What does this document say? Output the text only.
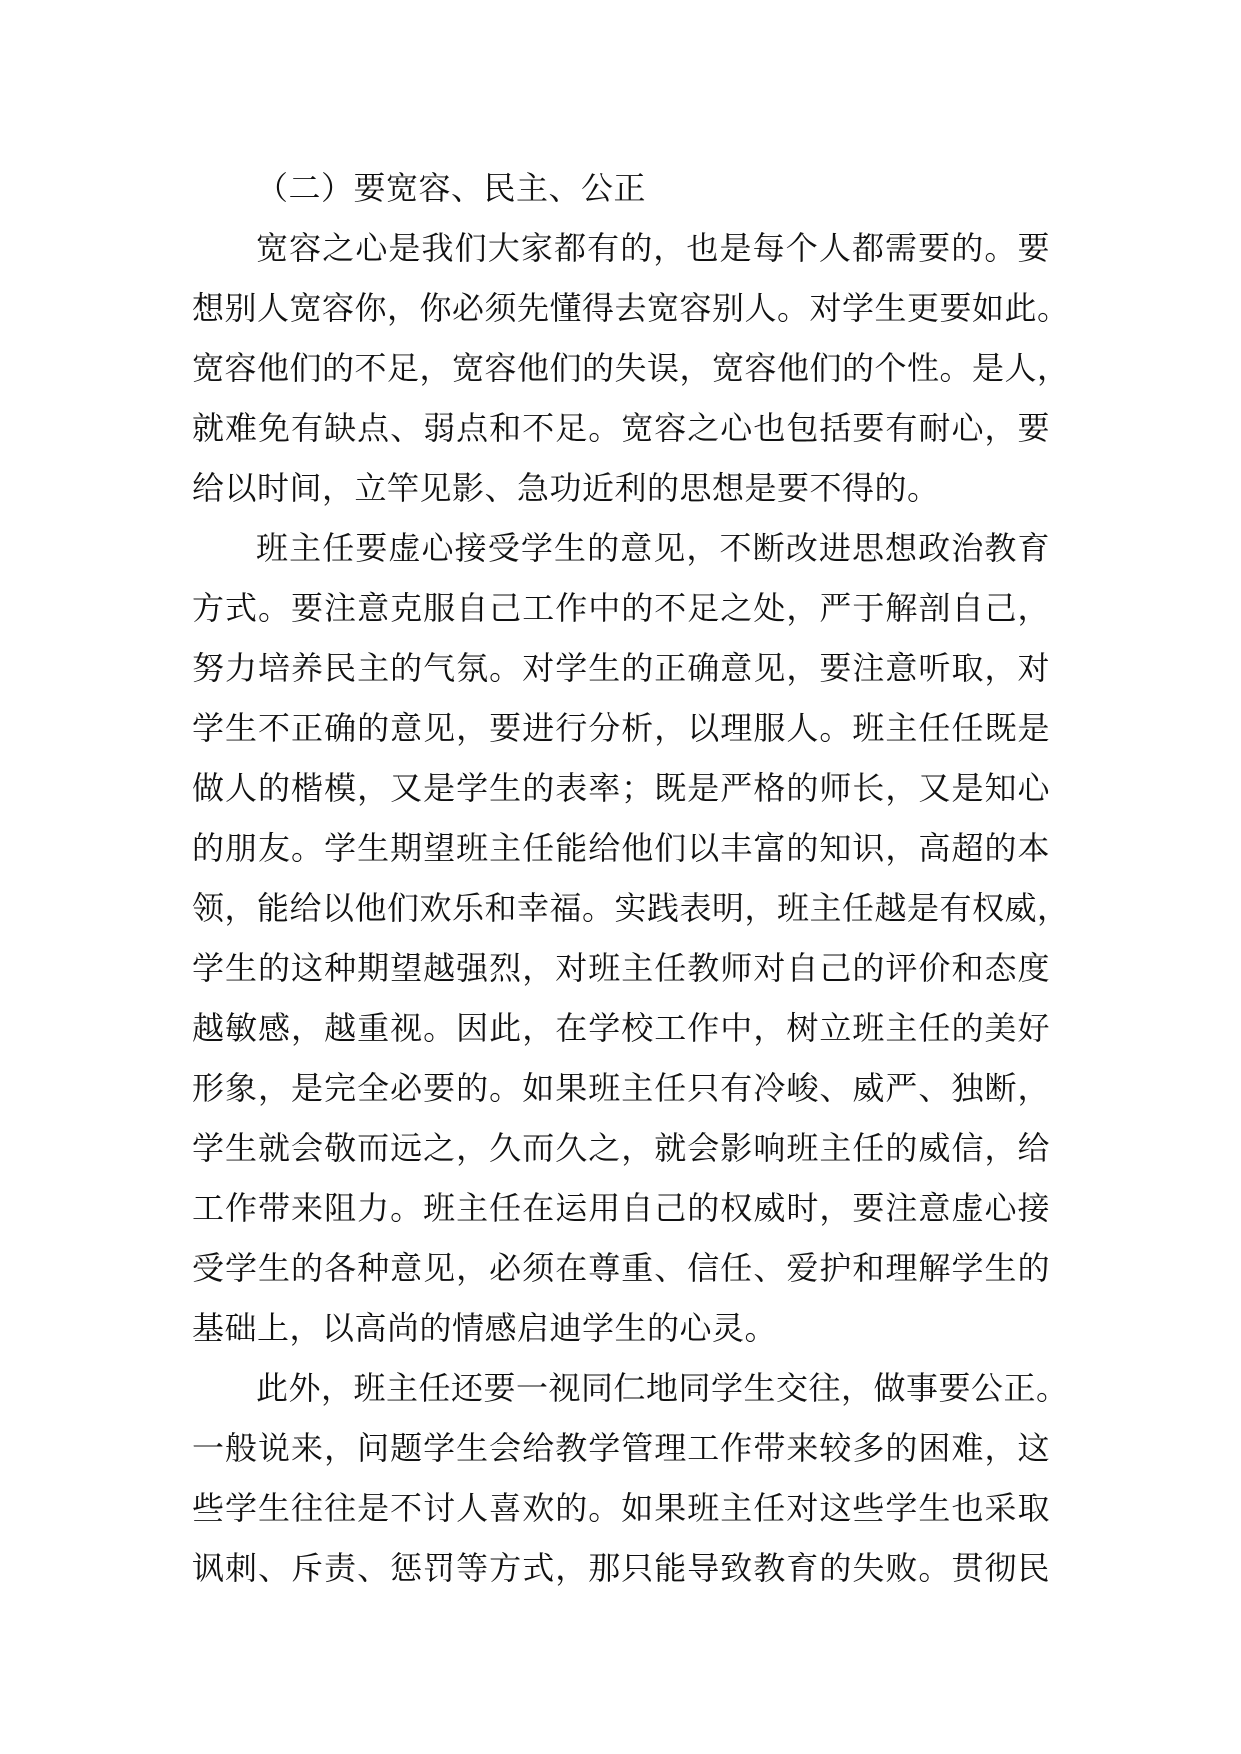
（二）要宽容、民主、公正
宽容之心是我们大家都有的，也是每个人都需要的。要
想别人宽容你，你必须先懂得去宽容别人。对学生更要如此。
宽容他们的不足，宽容他们的失误，宽容他们的个性。是人，
就难免有缺点、弱点和不足。宽容之心也包括要有耐心，要
给以时间，立竿见影、急功近利的思想是要不得的。
班主任要虚心接受学生的意见，不断改进思想政治教育
方式。要注意克服自己工作中的不足之处，严于解剖自己，
努力培养民主的气氛。对学生的正确意见，要注意听取，对
学生不正确的意见，要进行分析，以理服人。班主任任既是
做人的楷模，又是学生的表率；既是严格的师长，又是知心
的朋友。学生期望班主任能给他们以丰富的知识，高超的本
领，能给以他们欢乐和幸福。实践表明，班主任越是有权威，
学生的这种期望越强烈，对班主任教师对自己的评价和态度
越敏感，越重视。因此，在学校工作中，树立班主任的美好
形象，是完全必要的。如果班主任只有冷峻、威严、独断，
学生就会敬而远之，久而久之，就会影响班主任的威信，给
工作带来阻力。班主任在运用自己的权威时，要注意虚心接
受学生的各种意见，必须在尊重、信任、爱护和理解学生的
基础上，以高尚的情感启迪学生的心灵。
此外，班主任还要一视同仁地同学生交往，做事要公正。
一般说来，问题学生会给教学管理工作带来较多的困难，这
些学生往往是不讨人喜欢的。如果班主任对这些学生也采取
讽刺、斥责、惩罚等方式，那只能导致教育的失败。贯彻民
